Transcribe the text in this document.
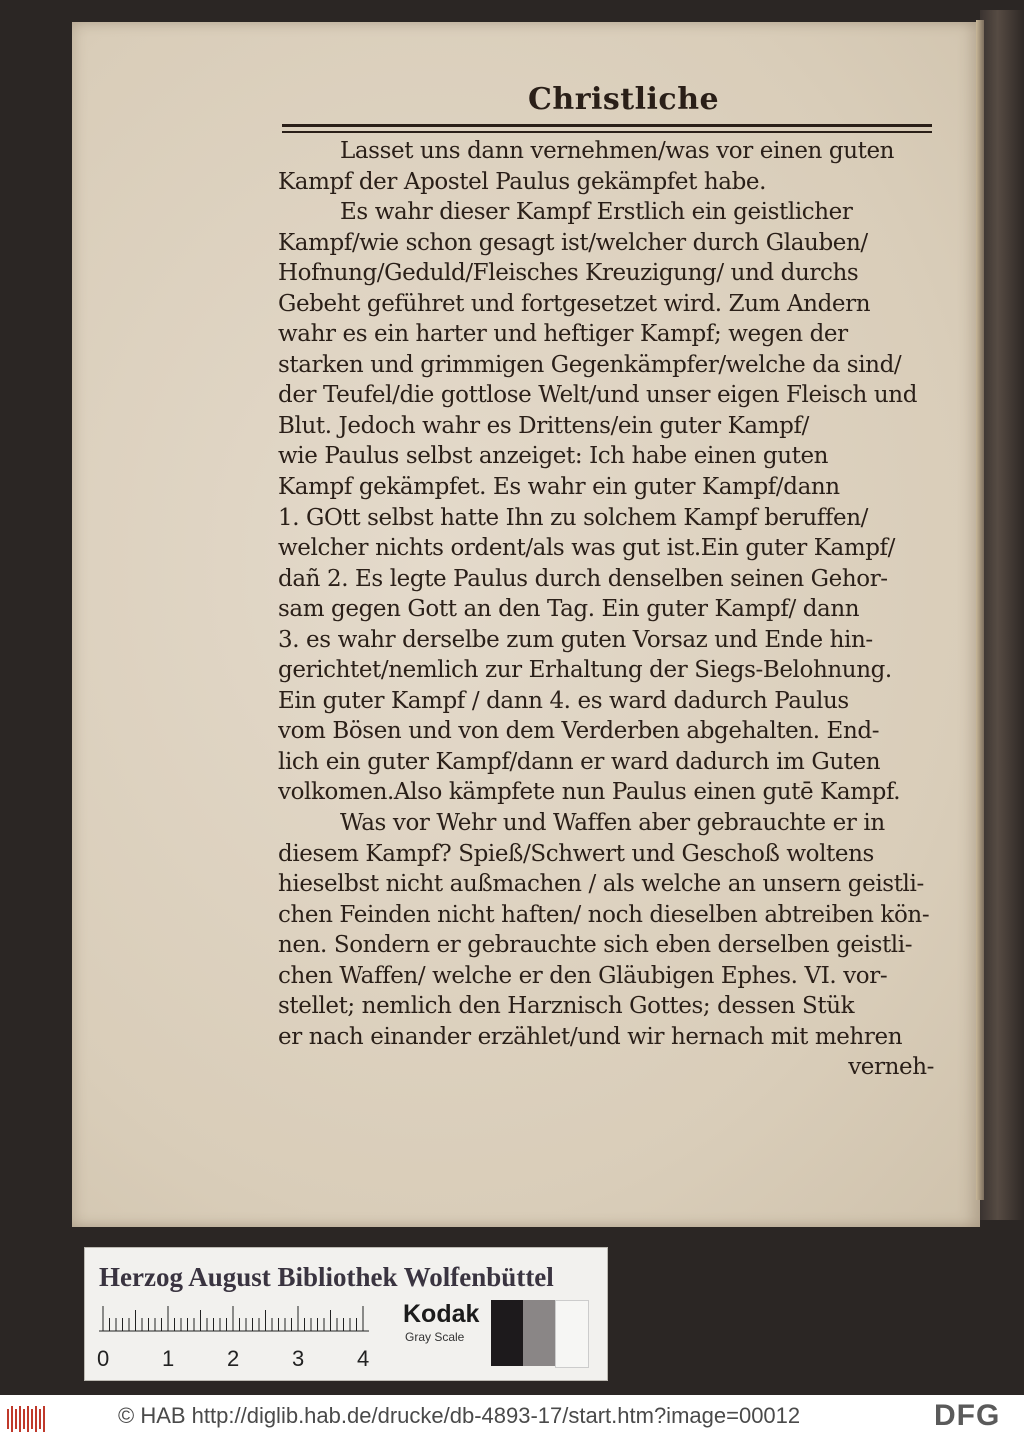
Christliche
Lasset uns dann vernehmen/was vor einen guten
Kampf der Apostel Paulus gekämpfet habe.
Es wahr dieser Kampf Erstlich ein geistlicher
Kampf/wie schon gesagt ist/welcher durch Glauben/
Hofnung/Geduld/Fleisches Kreuzigung/ und durchs
Gebeht geführet und fortgesetzet wird. Zum Andern
wahr es ein harter und heftiger Kampf; wegen der
starken und grimmigen Gegenkämpfer/welche da sind/
der Teufel/die gottlose Welt/und unser eigen Fleisch und
Blut. Jedoch wahr es Drittens/ein guter Kampf/
wie Paulus selbst anzeiget: Ich habe einen guten
Kampf gekämpfet. Es wahr ein guter Kampf/dann
1. GOtt selbst hatte Ihn zu solchem Kampf beruffen/
welcher nichts ordent/als was gut ist.Ein guter Kampf/
dañ 2. Es legte Paulus durch denselben seinen Gehor-
sam gegen Gott an den Tag. Ein guter Kampf/ dann
3. es wahr derselbe zum guten Vorsaz und Ende hin-
gerichtet/nemlich zur Erhaltung der Siegs-Belohnung.
Ein guter Kampf / dann 4. es ward dadurch Paulus
vom Bösen und von dem Verderben abgehalten. End-
lich ein guter Kampf/dann er ward dadurch im Guten
volkomen.Also kämpfete nun Paulus einen gutē Kampf.
Was vor Wehr und Waffen aber gebrauchte er in
diesem Kampf? Spieß/Schwert und Geschoß woltens
hieselbst nicht außmachen / als welche an unsern geistli-
chen Feinden nicht haften/ noch dieselben abtreiben kön-
nen. Sondern er gebrauchte sich eben derselben geistli-
chen Waffen/ welche er den Gläubigen Ephes. VI. vor-
stellet; nemlich den Harznisch Gottes; dessen Stük
er nach einander erzählet/und wir hernach mit mehren
verneh-
Herzog August Bibliothek Wolfenbüttel
0 1 2 3 4
Kodak
Gray Scale
© HAB http://diglib.hab.de/drucke/db-4893-17/start.htm?image=00012	DFG
